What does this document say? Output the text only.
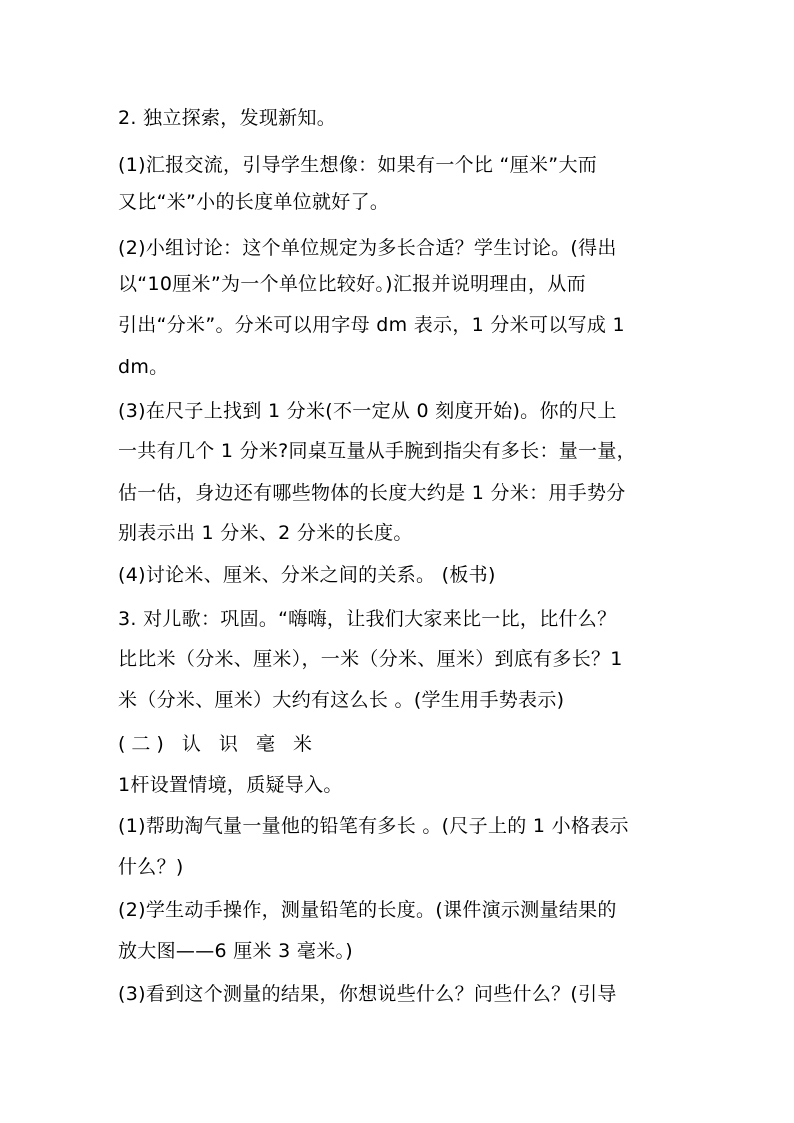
2. 独立探索，发现新知。
(1)汇报交流，引导学生想像：如果有一个比 “厘米”大而
又比“米”小的长度单位就好了。
(2)小组讨论：这个单位规定为多长合适？学生讨论。(得出
以“10厘米”为一个单位比较好。)汇报并说明理由，从而
引出“分米”。分米可以用字母 dm 表示，1 分米可以写成 1
dm。
(3)在尺子上找到 1 分米(不一定从 0 刻度开始)。你的尺上
一共有几个 1 分米?同桌互量从手腕到指尖有多长：量一量，
估一估，身边还有哪些物体的长度大约是 1 分米：用手势分
别表示出 1 分米、2 分米的长度。
(4)讨论米、厘米、分米之间的关系。 (板书)
3. 对儿歌：巩固。“嗨嗨，让我们大家来比一比，比什么？
比比米（分米、厘米），一米（分米、厘米）到底有多长？1
米（分米、厘米）大约有这么长 。(学生用手势表示)
(二) 认 识 毫 米
1杆设置情境，质疑导入。
(1)帮助淘气量一量他的铅笔有多长 。(尺子上的 1 小格表示
什么？)
(2)学生动手操作，测量铅笔的长度。(课件演示测量结果的
放大图——6 厘米 3 毫米。)
(3)看到这个测量的结果，你想说些什么？问些什么？(引导
